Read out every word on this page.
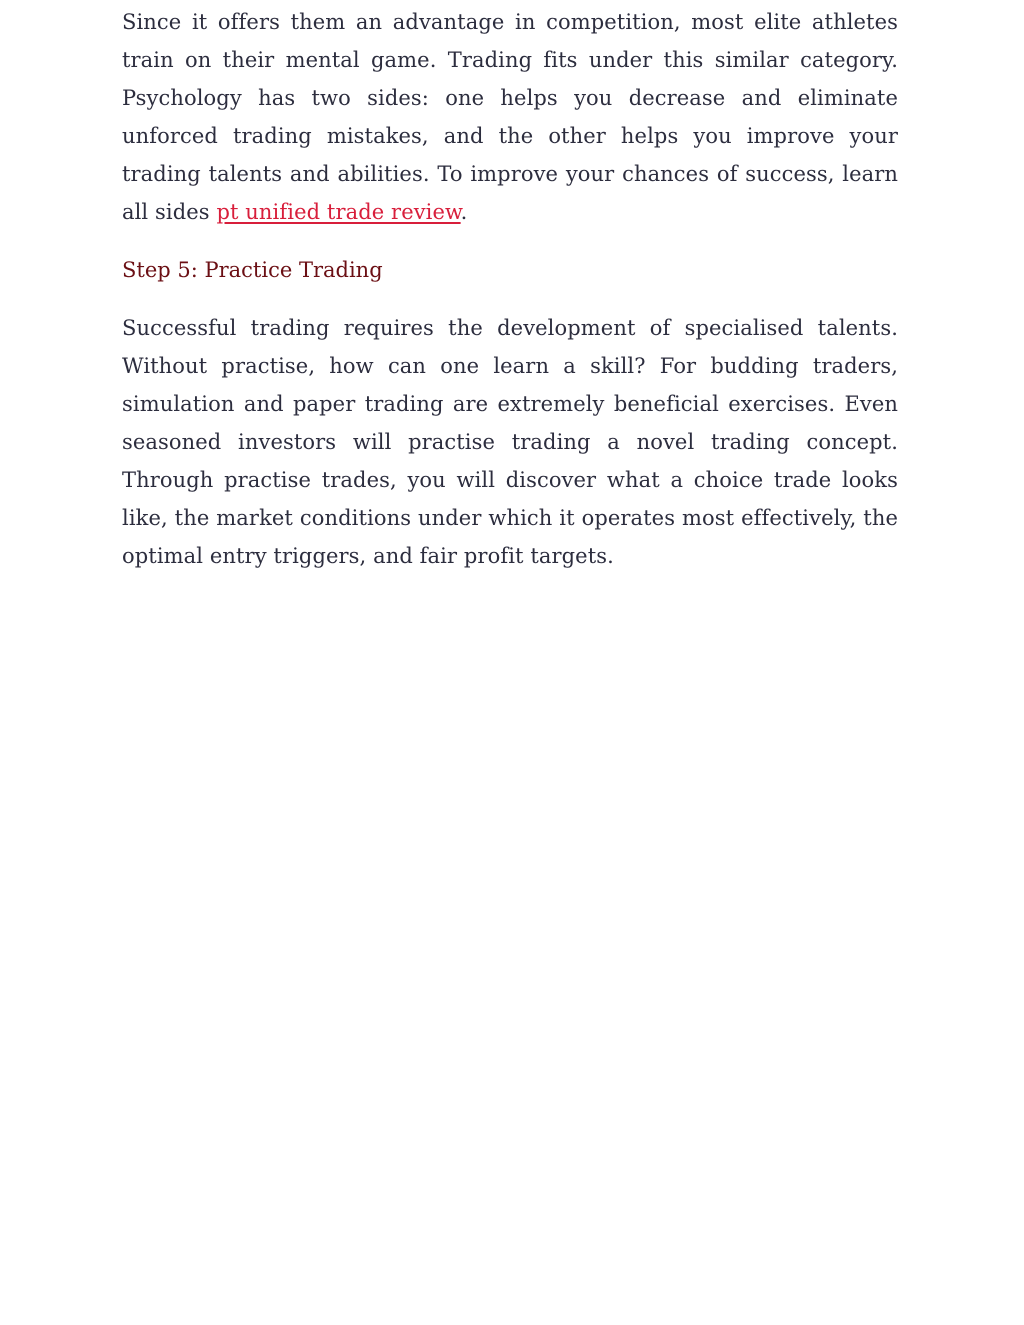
Since it offers them an advantage in competition, most elite athletes train on their mental game. Trading fits under this similar category. Psychology has two sides: one helps you decrease and eliminate unforced trading mistakes, and the other helps you improve your trading talents and abilities. To improve your chances of success, learn all sides pt unified trade review.

Step 5: Practice Trading

Successful trading requires the development of specialised talents. Without practise, how can one learn a skill? For budding traders, simulation and paper trading are extremely beneficial exercises. Even seasoned investors will practise trading a novel trading concept. Through practise trades, you will discover what a choice trade looks like, the market conditions under which it operates most effectively, the optimal entry triggers, and fair profit targets.
